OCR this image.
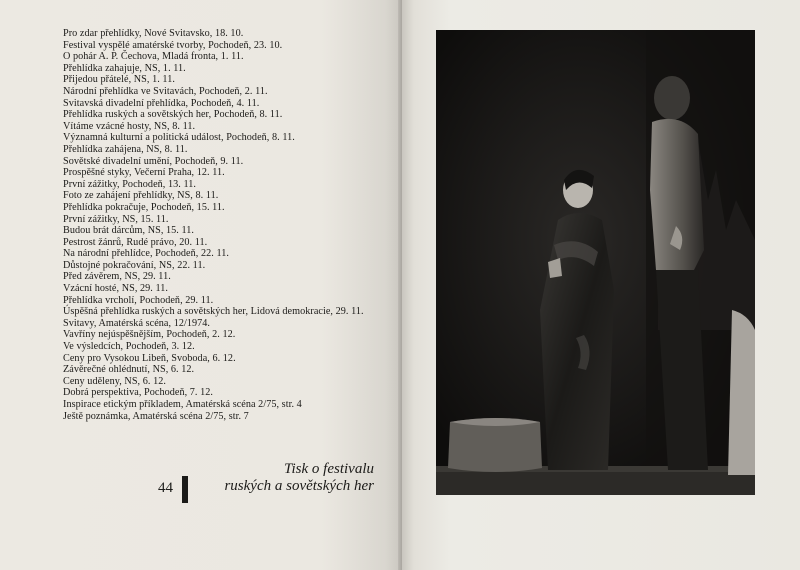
Pro zdar přehlídky, Nové Svitavsko, 18. 10.
Festival vyspělé amatérské tvorby, Pochodeň, 23. 10.
O pohár A. P. Čechova, Mladá fronta, 1. 11.
Přehlídka zahajuje, NS, 1. 11.
Přijedou přátelé, NS, 1. 11.
Národní přehlídka ve Svitavách, Pochodeň, 2. 11.
Svitavská divadelní přehlídka, Pochodeň, 4. 11.
Přehlídka ruských a sovětských her, Pochodeň, 8. 11.
Vítáme vzácné hosty, NS, 8. 11.
Významná kulturní a politická událost, Pochodeň, 8. 11.
Přehlídka zahájena, NS, 8. 11.
Sovětské divadelní umění, Pochodeň, 9. 11.
Prospěšné styky, Večerní Praha, 12. 11.
První zážitky, Pochodeň, 13. 11.
Foto ze zahájení přehlídky, NS, 8. 11.
Přehlídka pokračuje, Pochodeň, 15. 11.
První zážitky, NS, 15. 11.
Budou brát dárcům, NS, 15. 11.
Pestrost žánrů, Rudé právo, 20. 11.
Na národní přehlídce, Pochodeň, 22. 11.
Důstojné pokračování, NS, 22. 11.
Před závěrem, NS, 29. 11.
Vzácní hosté, NS, 29. 11.
Přehlídka vrcholí, Pochodeň, 29. 11.
Úspěšná přehlídka ruských a sovětských her, Lidová demokracie, 29. 11.
Svitavy, Amatérská scéna, 12/1974.
Vavříny nejúspěšnějším, Pochodeň, 2. 12.
Ve výsledcích, Pochodeň, 3. 12.
Ceny pro Vysokou Libeň, Svoboda, 6. 12.
Závěrečné ohlédnutí, NS, 6. 12.
Ceny uděleny, NS, 6. 12.
Dobrá perspektiva, Pochodeň, 7. 12.
Inspirace etickým příkladem, Amatérská scéna 2/75, str. 4
Ještě poznámka, Amatérská scéna 2/75, str. 7
44
Tisk o festivalu
ruských a sovětských her
